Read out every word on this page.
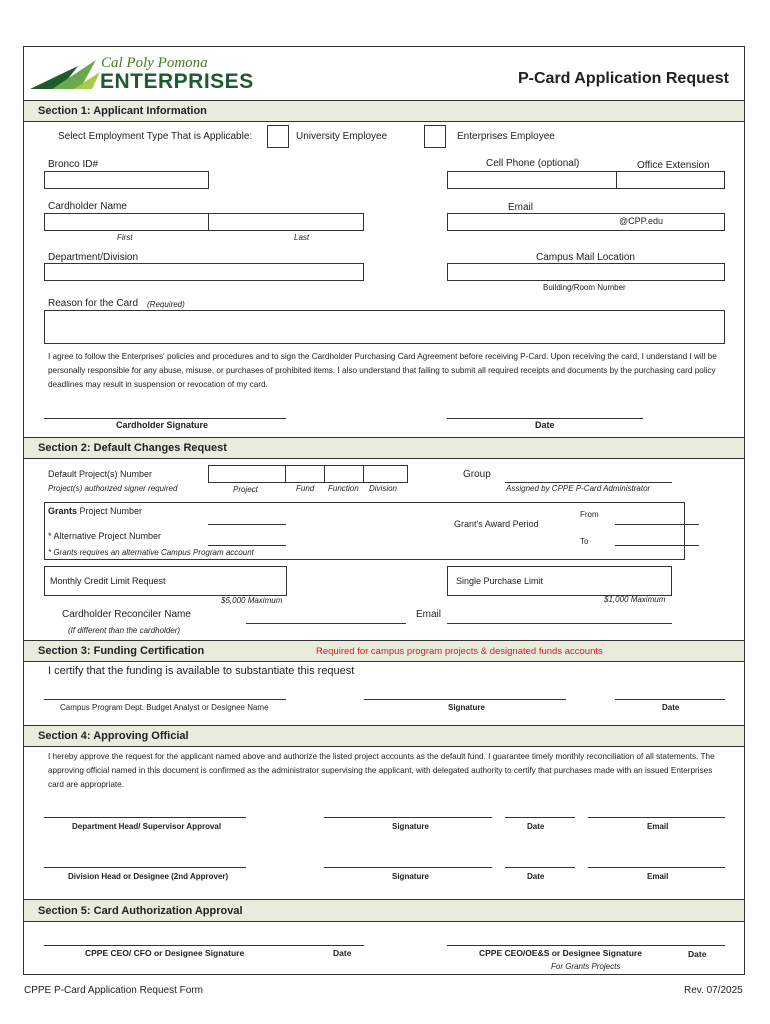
Cal Poly Pomona
ENTERPRISES	P-Card Application Request
Section 1: Applicant Information
Select Employment Type That is Applicable:	University Employee	Enterprises Employee
Bronco ID#	Cell Phone (optional)	Office Extension
Cardholder Name	Email
@CPP.edu
First	Last
Department/Division	Campus Mail Location
Building/Room Number
Reason for the Card (Required)
I agree to follow the Enterprises' policies and procedures and to sign the Cardholder Purchasing Card Agreement before receiving P-Card. Upon receiving the card, I understand I will be personally responsible for any abuse, misuse, or purchases of prohibited items. I also understand that failing to submit all required receipts and documents by the purchasing card policy deadlines may result in suspension or revocation of my card.
Cardholder Signature	Date
Section 2: Default Changes Request
Default Project(s) Number
Project(s) authorized signer required	Project	Fund Function Division
Group
Assigned by CPPE P-Card Administrator
Grants Project Number
* Alternative Project Number
* Grants requires an alternative Campus Program account
Grant's Award Period
From
To
Monthly Credit Limit Request
$5,000 Maximum
Single Purchase Limit
$1,000 Maximum
Cardholder Reconciler Name	Email
(If different than the cardholder)
Section 3: Funding Certification	Required for campus program projects & designated funds accounts
I certify that the funding is available to substantiate this request
Campus Program Dept. Budget Analyst or Designee Name	Signature	Date
Section 4: Approving Official
I hereby approve the request for the applicant named above and authorize the listed project accounts as the default fund. I guarantee timely monthly reconciliation of all statements. The approving official named in this document is confirmed as the administrator supervising the applicant, with delegated authority to certify that purchases made with an issued Enterprises card are appropriate.
Department Head/ Supervisor Approval	Signature	Date	Email
Division Head or Designee (2nd Approver)	Signature	Date	Email
Section 5: Card Authorization Approval
CPPE CEO/ CFO or Designee Signature	Date	CPPE CEO/OE&S or Designee Signature	Date
For Grants Projects
CPPE P-Card Application Request Form	Rev. 07/2025
